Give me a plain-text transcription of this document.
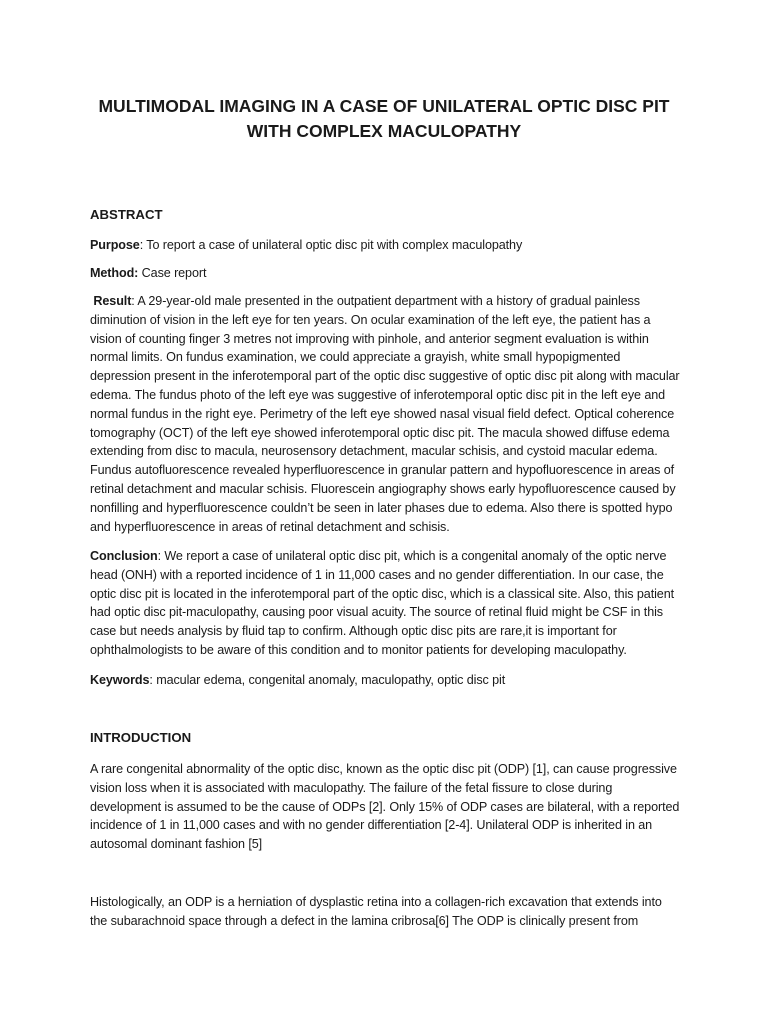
MULTIMODAL IMAGING IN A CASE OF UNILATERAL OPTIC DISC PIT
WITH COMPLEX MACULOPATHY
ABSTRACT

Purpose: To report a case of unilateral optic disc pit with complex maculopathy

Method: Case report

Result: A 29-year-old male presented in the outpatient department with a history of gradual painless diminution of vision in the left eye for ten years. On ocular examination of the left eye, the patient has a vision of counting finger 3 metres not improving with pinhole, and anterior segment evaluation is within normal limits. On fundus examination, we could appreciate a grayish, white small hypopigmented depression present in the inferotemporal part of the optic disc suggestive of optic disc pit along with macular edema. The fundus photo of the left eye was suggestive of inferotemporal optic disc pit in the left eye and normal fundus in the right eye. Perimetry of the left eye showed nasal visual field defect. Optical coherence tomography (OCT) of the left eye showed inferotemporal optic disc pit. The macula showed diffuse edema extending from disc to macula, neurosensory detachment, macular schisis, and cystoid macular edema. Fundus autofluorescence revealed hyperfluorescence in granular pattern and hypofluorescence in areas of retinal detachment and macular schisis. Fluorescein angiography shows early hypofluorescence caused by nonfilling and hyperfluorescence couldn’t be seen in later phases due to edema. Also there is spotted hypo and hyperfluorescence in areas of retinal detachment and schisis.

Conclusion: We report a case of unilateral optic disc pit, which is a congenital anomaly of the optic nerve head (ONH) with a reported incidence of 1 in 11,000 cases and no gender differentiation. In our case, the optic disc pit is located in the inferotemporal part of the optic disc, which is a classical site. Also, this patient had optic disc pit-maculopathy, causing poor visual acuity. The source of retinal fluid might be CSF in this case but needs analysis by fluid tap to confirm. Although optic disc pits are rare,it is important for ophthalmologists to be aware of this condition and to monitor patients for developing maculopathy.

Keywords: macular edema, congenital anomaly, maculopathy, optic disc pit

INTRODUCTION

A rare congenital abnormality of the optic disc, known as the optic disc pit (ODP) [1], can cause progressive vision loss when it is associated with maculopathy. The failure of the fetal fissure to close during development is assumed to be the cause of ODPs [2]. Only 15% of ODP cases are bilateral, with a reported incidence of 1 in 11,000 cases and with no gender differentiation [2-4]. Unilateral ODP is inherited in an autosomal dominant fashion [5]

Histologically, an ODP is a herniation of dysplastic retina into a collagen-rich excavation that extends into the subarachnoid space through a defect in the lamina cribrosa[6] The ODP is clinically present from
